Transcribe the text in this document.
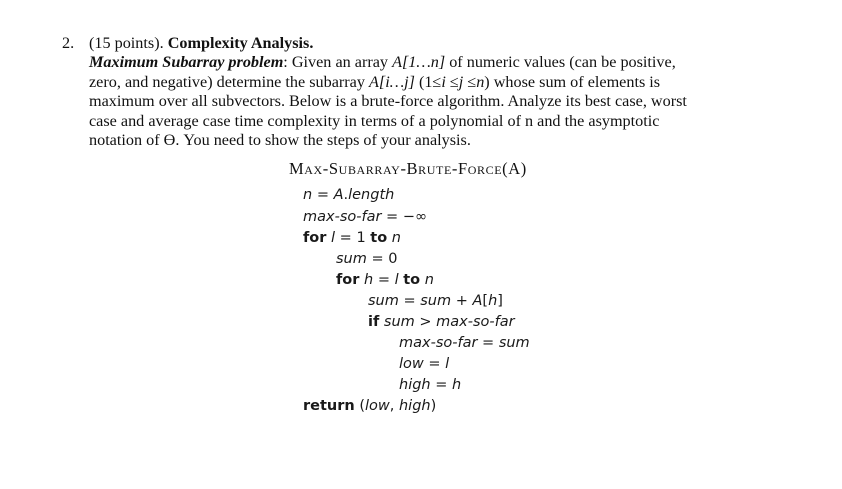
2. (15 points). Complexity Analysis.
Maximum Subarray problem: Given an array A[1…n] of numeric values (can be positive,
zero, and negative) determine the subarray A[i…j] (1≤i ≤j ≤n) whose sum of elements is
maximum over all subvectors. Below is a brute-force algorithm. Analyze its best case, worst
case and average case time complexity in terms of a polynomial of n and the asymptotic
notation of ϴ. You need to show the steps of your analysis.
Max-Subarray-Brute-Force(A)
n = A.length
max-so-far = −∞
for l = 1 to n
sum = 0
for h = l to n
sum = sum + A[h]
if sum > max-so-far
max-so-far = sum
low = l
high = h
return (low, high)
